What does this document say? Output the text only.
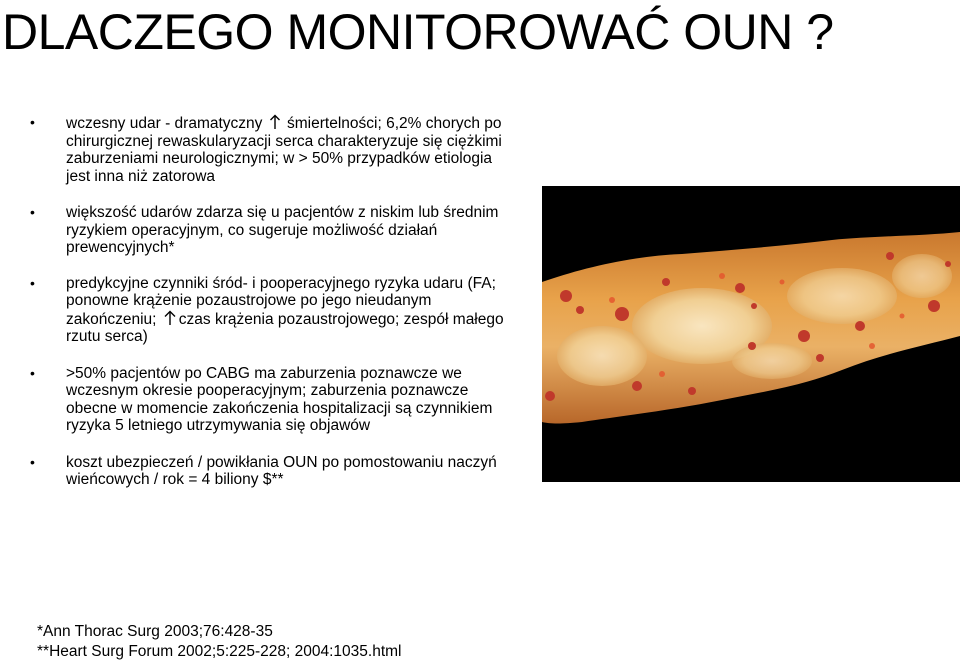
DLACZEGO MONITOROWAĆ OUN ?
• wczesny udar - dramatyczny  śmiertelności; 6,2% chorych po chirurgicznej rewaskularyzacji serca charakteryzuje się ciężkimi zaburzeniami neurologicznymi; w > 50% przypadków etiologia jest inna niż zatorowa
• większość udarów zdarza się u pacjentów z niskim lub średnim ryzykiem operacyjnym, co sugeruje możliwość działań prewencyjnych*
• predykcyjne czynniki śród- i pooperacyjnego ryzyka udaru (FA; ponowne krążenie pozaustrojowe po jego nieudanym zakończeniu; czas krążenia pozaustrojowego; zespół małego rzutu serca)
• >50% pacjentów po CABG ma zaburzenia poznawcze we wczesnym okresie pooperacyjnym; zaburzenia poznawcze obecne w momencie zakończenia hospitalizacji są czynnikiem ryzyka 5 letniego utrzymywania się objawów
• koszt ubezpieczeń / powikłania OUN po pomostowaniu naczyń wieńcowych / rok = 4 biliony $**
*Ann Thorac Surg 2003;76:428-35
**Heart Surg Forum 2002;5:225-228; 2004:1035.html
